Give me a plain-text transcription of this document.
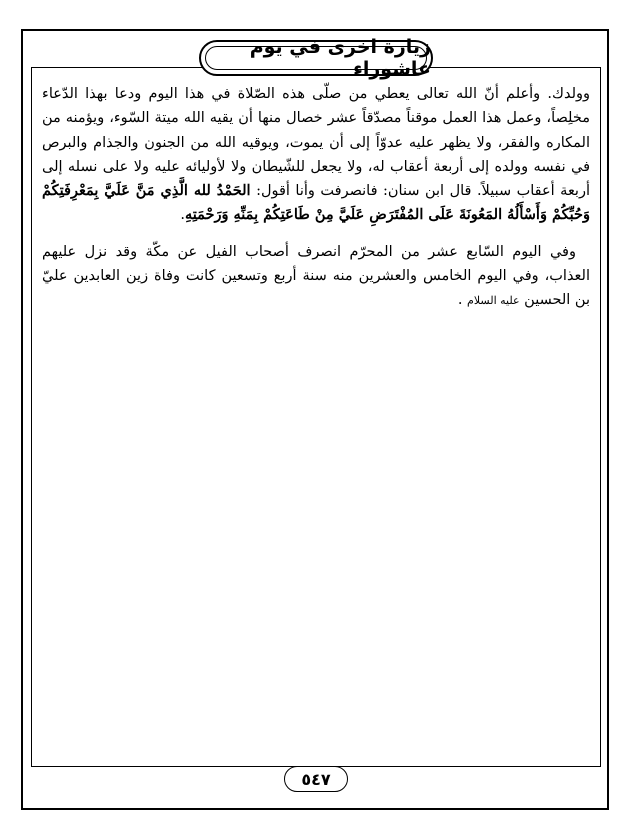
زيارة اخرى في يوم عاشوراء

وولدك. وأعلم أنّ الله تعالى يعطي من صلّى هذه الصّلاة في هذا اليوم ودعا بهذا الدّعاء مخلِصاً، وعمل هذا العمل موقناً مصدّقاً عشر خصال منها أن يقيه الله ميتة السّوء، ويؤمنه من المكاره والفقر، ولا يظهر عليه عدوّاً إلى أن يموت، ويوقيه الله من الجنون والجذام والبرص في نفسه وولده إلى أربعة أعقاب له، ولا يجعل للشّيطان ولا لأوليائه عليه ولا على نسله إلى أربعة أعقاب سبيلاً. قال ابن سنان: فانصرفت وأنا أقول: الحَمْدُ لله الَّذِي مَنَّ عَلَيَّ بِمَعْرِفَتِكُمْ وَحُبِّكُمْ وَأَسْأَلُهُ المَعُونَةَ عَلَى المُفْتَرَضِ عَلَيَّ مِنْ طَاعَتِكُمْ بِمَنِّهِ وَرَحْمَتِهِ.

وفي اليوم السّابع عشر من المحرّم انصرف أصحاب الفيل عن مكّة وقد نزل عليهم العذاب، وفي اليوم الخامس والعشرين منه سنة أربع وتسعين كانت وفاة زين العابدين عليّ بن الحسين عليه السلام .

٥٤٧
